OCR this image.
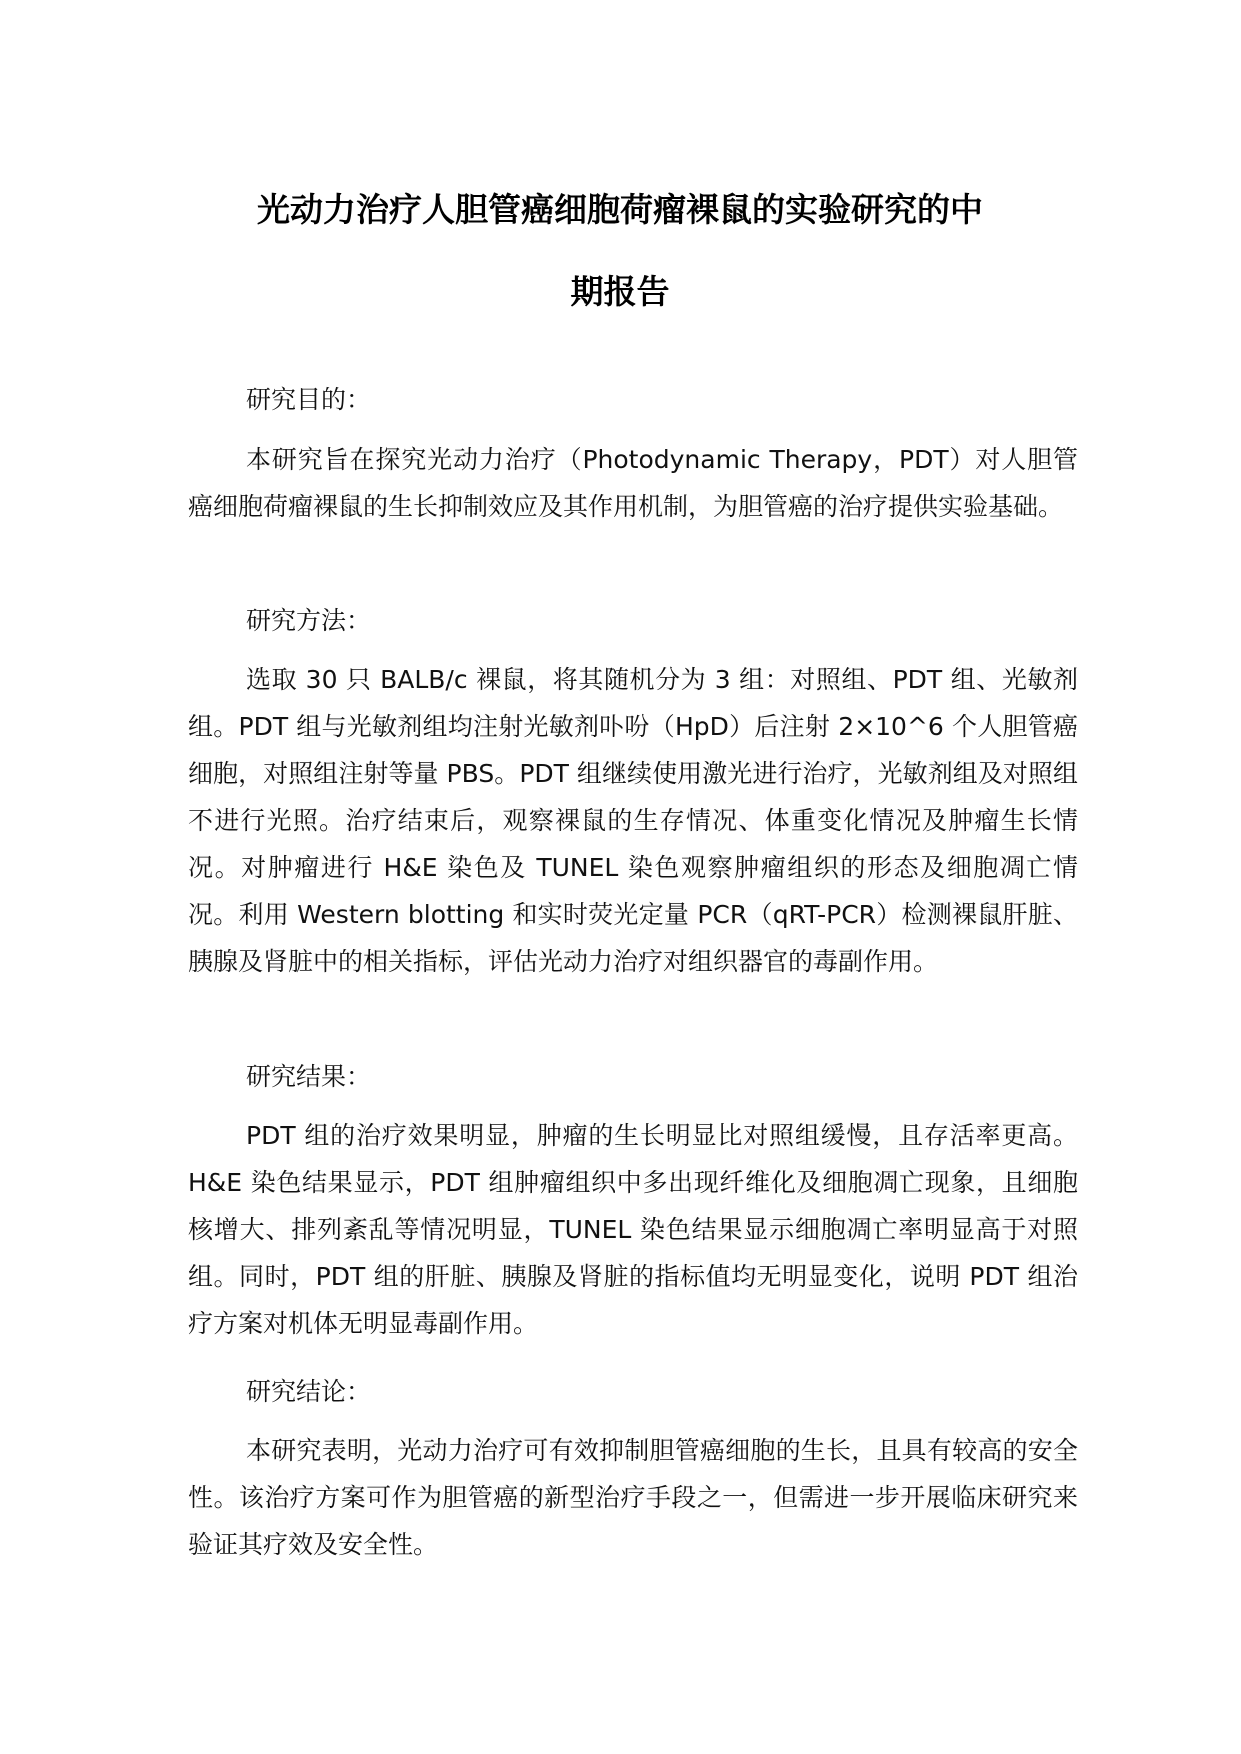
光动力治疗人胆管癌细胞荷瘤裸鼠的实验研究的中
期报告

研究目的：

本研究旨在探究光动力治疗（Photodynamic Therapy，PDT）对人胆管癌细胞荷瘤裸鼠的生长抑制效应及其作用机制，为胆管癌的治疗提供实验基础。

研究方法：

选取 30 只 BALB/c 裸鼠，将其随机分为 3 组：对照组、PDT 组、光敏剂组。PDT 组与光敏剂组均注射光敏剂卟吩（HpD）后注射 2×10^6 个人胆管癌细胞，对照组注射等量 PBS。PDT 组继续使用激光进行治疗，光敏剂组及对照组不进行光照。治疗结束后，观察裸鼠的生存情况、体重变化情况及肿瘤生长情况。对肿瘤进行 H&E 染色及 TUNEL 染色观察肿瘤组织的形态及细胞凋亡情况。利用 Western blotting 和实时荧光定量 PCR（qRT-PCR）检测裸鼠肝脏、胰腺及肾脏中的相关指标，评估光动力治疗对组织器官的毒副作用。

研究结果：

PDT 组的治疗效果明显，肿瘤的生长明显比对照组缓慢，且存活率更高。H&E 染色结果显示，PDT 组肿瘤组织中多出现纤维化及细胞凋亡现象，且细胞核增大、排列紊乱等情况明显，TUNEL 染色结果显示细胞凋亡率明显高于对照组。同时，PDT 组的肝脏、胰腺及肾脏的指标值均无明显变化，说明 PDT 组治疗方案对机体无明显毒副作用。

研究结论：

本研究表明，光动力治疗可有效抑制胆管癌细胞的生长，且具有较高的安全性。该治疗方案可作为胆管癌的新型治疗手段之一，但需进一步开展临床研究来验证其疗效及安全性。
